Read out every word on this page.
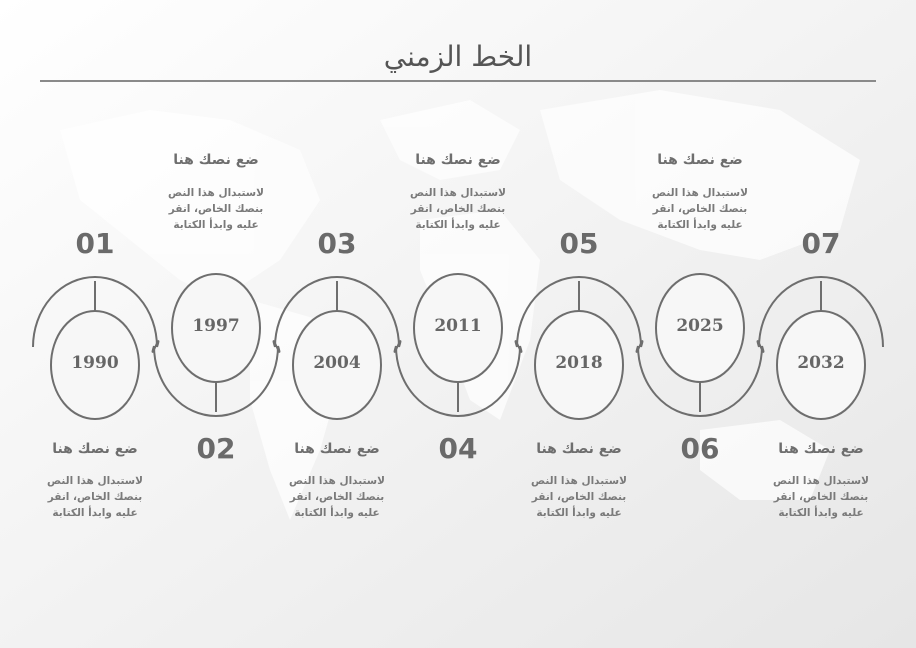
الخط الزمني
1990
01
ضع نصك هنا
لاستبدال هذا النص بنصك الخاص، انقر عليه وابدأ الكتابة
1997
02
ضع نصك هنا
لاستبدال هذا النص بنصك الخاص، انقر عليه وابدأ الكتابة
2004
03
ضع نصك هنا
لاستبدال هذا النص بنصك الخاص، انقر عليه وابدأ الكتابة
2011
04
ضع نصك هنا
لاستبدال هذا النص بنصك الخاص، انقر عليه وابدأ الكتابة
2018
05
ضع نصك هنا
لاستبدال هذا النص بنصك الخاص، انقر عليه وابدأ الكتابة
2025
06
ضع نصك هنا
لاستبدال هذا النص بنصك الخاص، انقر عليه وابدأ الكتابة
2032
07
ضع نصك هنا
لاستبدال هذا النص بنصك الخاص، انقر عليه وابدأ الكتابة
